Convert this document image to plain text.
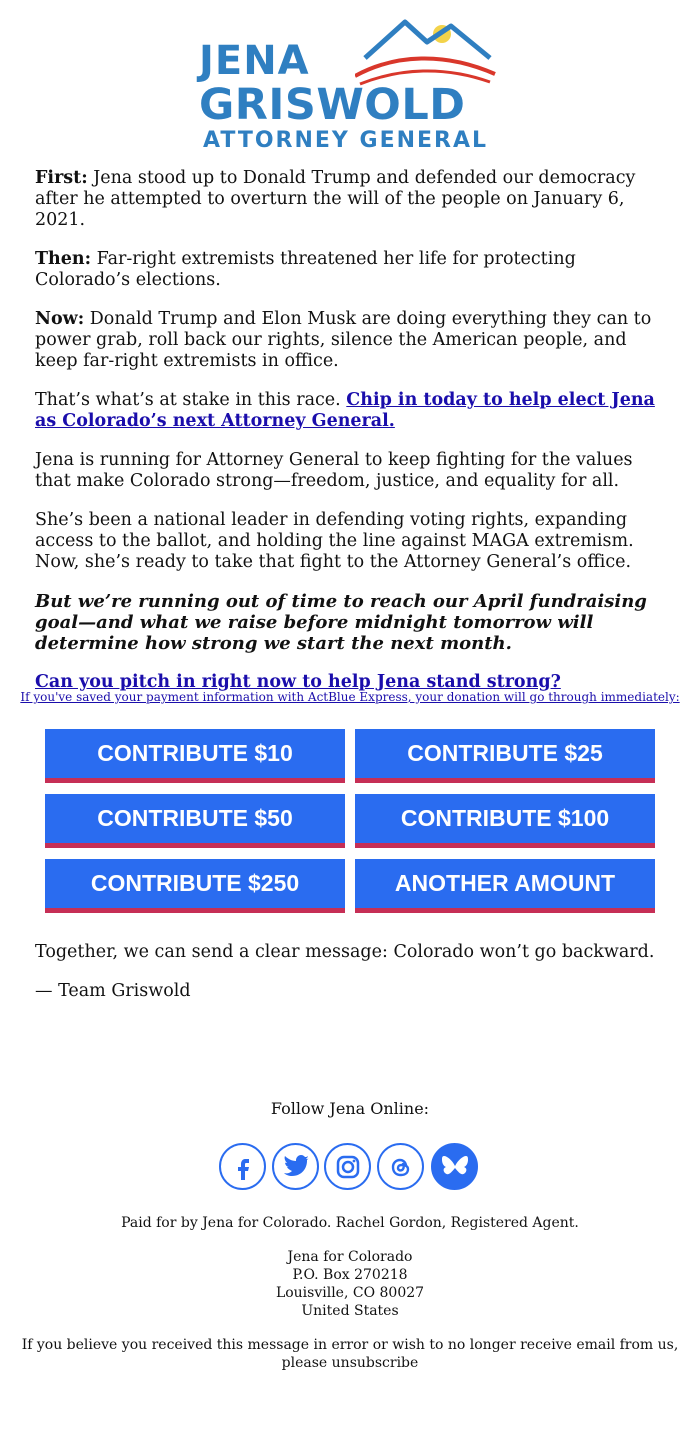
JENA
GRISWOLD
ATTORNEY GENERAL

First: Jena stood up to Donald Trump and defended our democracy after he attempted to overturn the will of the people on January 6, 2021.

Then: Far-right extremists threatened her life for protecting Colorado’s elections.

Now: Donald Trump and Elon Musk are doing everything they can to power grab, roll back our rights, silence the American people, and keep far-right extremists in office.

That’s what’s at stake in this race. Chip in today to help elect Jena as Colorado’s next Attorney General.

Jena is running for Attorney General to keep fighting for the values that make Colorado strong—freedom, justice, and equality for all.

She’s been a national leader in defending voting rights, expanding access to the ballot, and holding the line against MAGA extremism. Now, she’s ready to take that fight to the Attorney General’s office.

But we’re running out of time to reach our April fundraising goal—and what we raise before midnight tomorrow will determine how strong we start the next month.

Can you pitch in right now to help Jena stand strong?

If you've saved your payment information with ActBlue Express, your donation will go through immediately:
CONTRIBUTE $10	CONTRIBUTE $25
CONTRIBUTE $50	CONTRIBUTE $100
CONTRIBUTE $250	ANOTHER AMOUNT
Together, we can send a clear message: Colorado won’t go backward.
— Team Griswold
Follow Jena Online:
Paid for by Jena for Colorado. Rachel Gordon, Registered Agent.
Jena for Colorado
P.O. Box 270218
Louisville, CO 80027
United States
If you believe you received this message in error or wish to no longer receive email from us,
please unsubscribe
